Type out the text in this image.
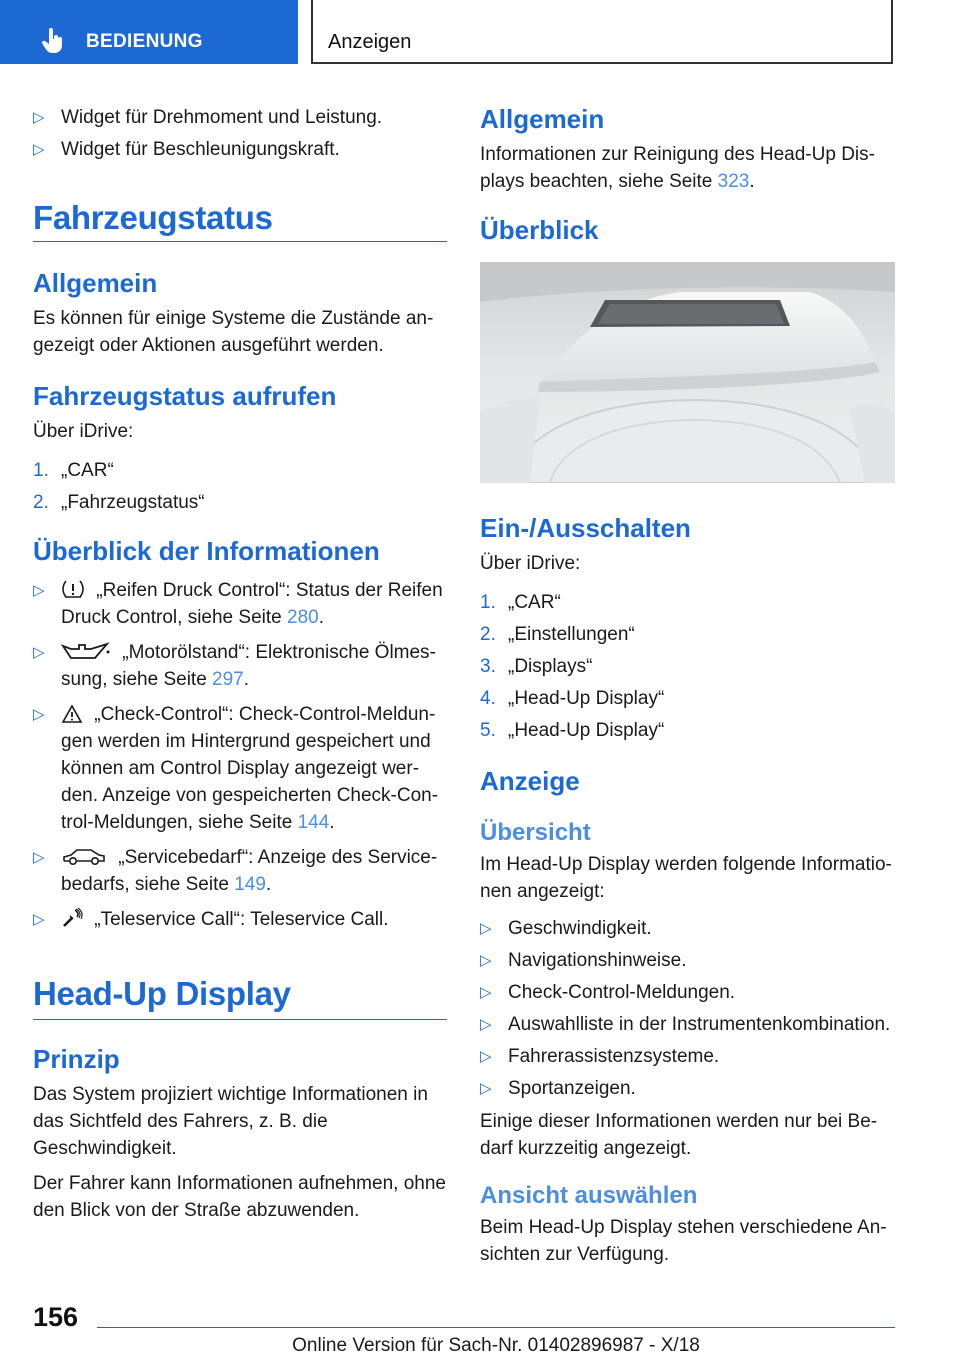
BEDIENUNG	Anzeigen
▷ Widget für Drehmoment und Leistung.
▷ Widget für Beschleunigungskraft.
Fahrzeugstatus
Allgemein

Es können für einige Systeme die Zustände angezeigt oder Aktionen ausgeführt werden.

Fahrzeugstatus aufrufen

Über iDrive:

1. „CAR“
2. „Fahrzeugstatus“
Überblick der Informationen
▷ „Reifen Druck Control“: Status der Reifen Druck Control, siehe Seite 280.
▷	„Motorölstand“: Elektronische Ölmessung, siehe Seite 297.
▷ „Check-Control“: Check-Control-Meldungen werden im Hintergrund gespeichert und können am Control Display angezeigt werden. Anzeige von gespeicherten Check-Control-Meldungen, siehe Seite 144.
▷	„Servicebedarf“: Anzeige des Servicebedarfs, siehe Seite 149.
▷ „Teleservice Call“: Teleservice Call.
Head-Up Display
Prinzip

Das System projiziert wichtige Informationen in das Sichtfeld des Fahrers, z. B. die Geschwindigkeit.

Der Fahrer kann Informationen aufnehmen, ohne den Blick von der Straße abzuwenden.

Allgemein

Informationen zur Reinigung des Head-Up Displays beachten, siehe Seite 323.

Überblick
Ein-/Ausschalten

Über iDrive:

1. „CAR“
2. „Einstellungen“
3. „Displays“
4. „Head-Up Display“
5. „Head-Up Display“
Anzeige
Übersicht

Im Head-Up Display werden folgende Informationen angezeigt:

▷ Geschwindigkeit.
▷ Navigationshinweise.
▷ Check-Control-Meldungen.
▷ Auswahlliste in der Instrumentenkombination.
▷ Fahrerassistenzsysteme.
▷ Sportanzeigen.

Einige dieser Informationen werden nur bei Bedarf kurzzeitig angezeigt.

Ansicht auswählen

Beim Head-Up Display stehen verschiedene Ansichten zur Verfügung.

156
Online Version für Sach-Nr. 01402896987 - X/18
